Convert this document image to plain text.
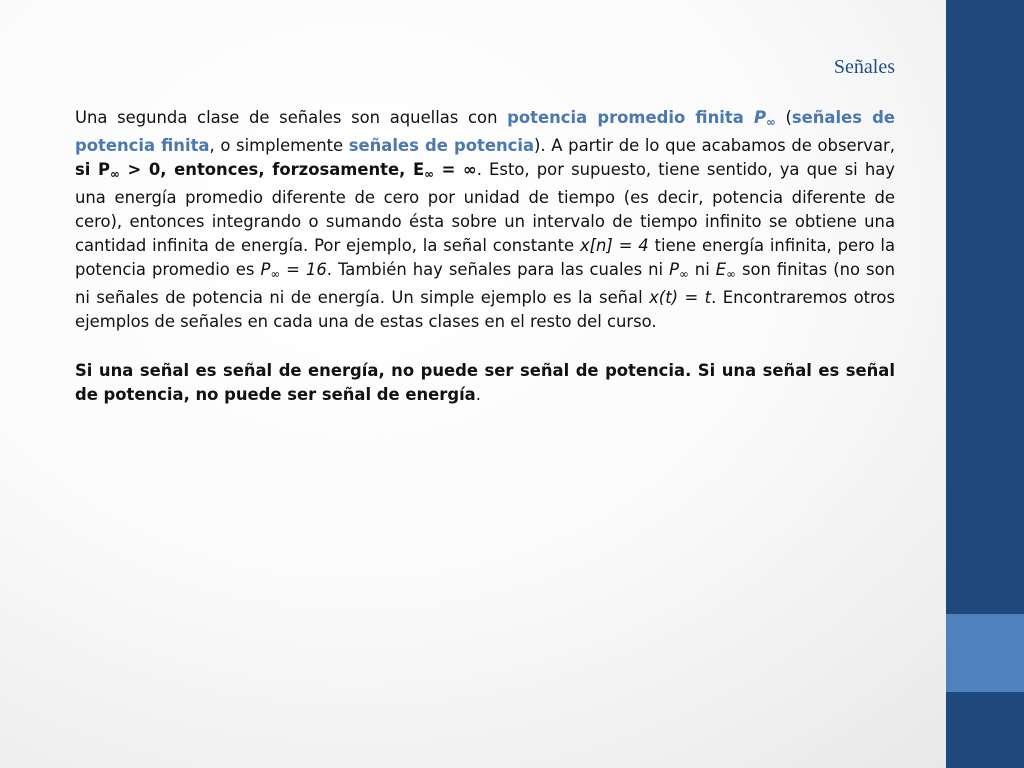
Señales

Una segunda clase de señales son aquellas con potencia promedio finita $P_\infty$ (señales de potencia finita, o simplemente señales de potencia). A partir de lo que acabamos de observar, si $P_\infty > 0$, entonces, forzosamente, $E_\infty$ = ∞. Esto, por supuesto, tiene sentido, ya que si hay una energía promedio diferente de cero por unidad de tiempo (es decir, potencia diferente de cero), entonces integrando o sumando ésta sobre un intervalo de tiempo infinito se obtiene una cantidad infinita de energía. Por ejemplo, la señal constante x[n] = 4 tiene energía infinita, pero la potencia promedio es $P_\infty = 16$. También hay señales para las cuales ni $P_\infty$ ni $E_\infty$ son finitas (no son ni señales de potencia ni de energía. Un simple ejemplo es la señal x(t) = t. Encontraremos otros ejemplos de señales en cada una de estas clases en el resto del curso.

Si una señal es señal de energía, no puede ser señal de potencia. Si una señal es señal de potencia, no puede ser señal de energía.
